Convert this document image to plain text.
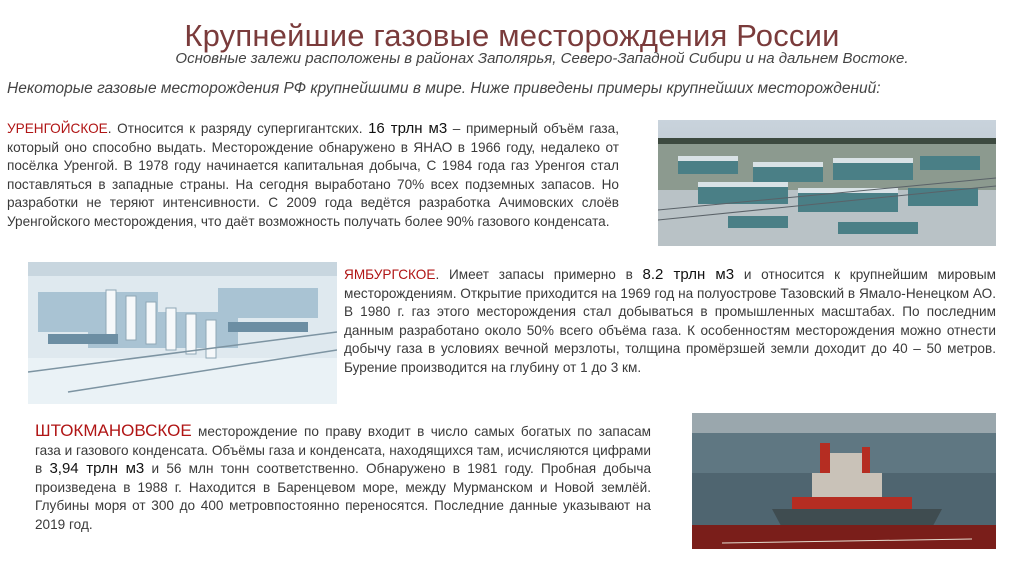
Крупнейшие газовые месторождения России
Основные залежи расположены в районах Заполярья, Северо-Западной Сибири и на дальнем Востоке.
Некоторые газовые месторождения РФ крупнейшими в мире. Ниже приведены примеры крупнейших месторождений:
УРЕНГОЙСКОЕ. Относится к разряду супергигантских. 16 трлн м3 – примерный объём газа, который оно способно выдать. Месторождение обнаружено в ЯНАО в 1966 году, недалеко от посёлка Уренгой. В 1978 году начинается капитальная добыча, С 1984 года газ Уренгоя стал поставляться в западные страны. На сегодня выработано 70% всех подземных запасов. Но разработки не теряют интенсивности. С 2009 года ведётся разработка Ачимовских слоёв Уренгойского месторождения, что даёт возможность получать более 90% газового конденсата.
ЯМБУРГСКОЕ. Имеет запасы примерно в 8.2 трлн м3 и относится к крупнейшим мировым месторождениям. Открытие приходится на 1969 год на полуострове Тазовский в Ямало-Ненецком АО. В 1980 г. газ этого месторождения стал добываться в промышленных масштабах. По последним данным разработано около 50% всего объёма газа. К особенностям месторождения можно отнести добычу газа в условиях вечной мерзлоты, толщина промёрзшей земли доходит до 40 – 50 метров. Бурение производится на глубину от 1 до 3 км.
ШТОКМАНОВСКОЕ месторождение по праву входит в число самых богатых по запасам газа и газового конденсата. Объёмы газа и конденсата, находящихся там, исчисляются цифрами в 3,94 трлн м3 и 56 млн тонн соответственно. Обнаружено в 1981 году. Пробная добыча произведена в 1988 г. Находится в Баренцевом море, между Мурманском и Новой землёй. Глубины моря от 300 до 400 метровпостоянно переносятся. Последние данные указывают на 2019 год.
